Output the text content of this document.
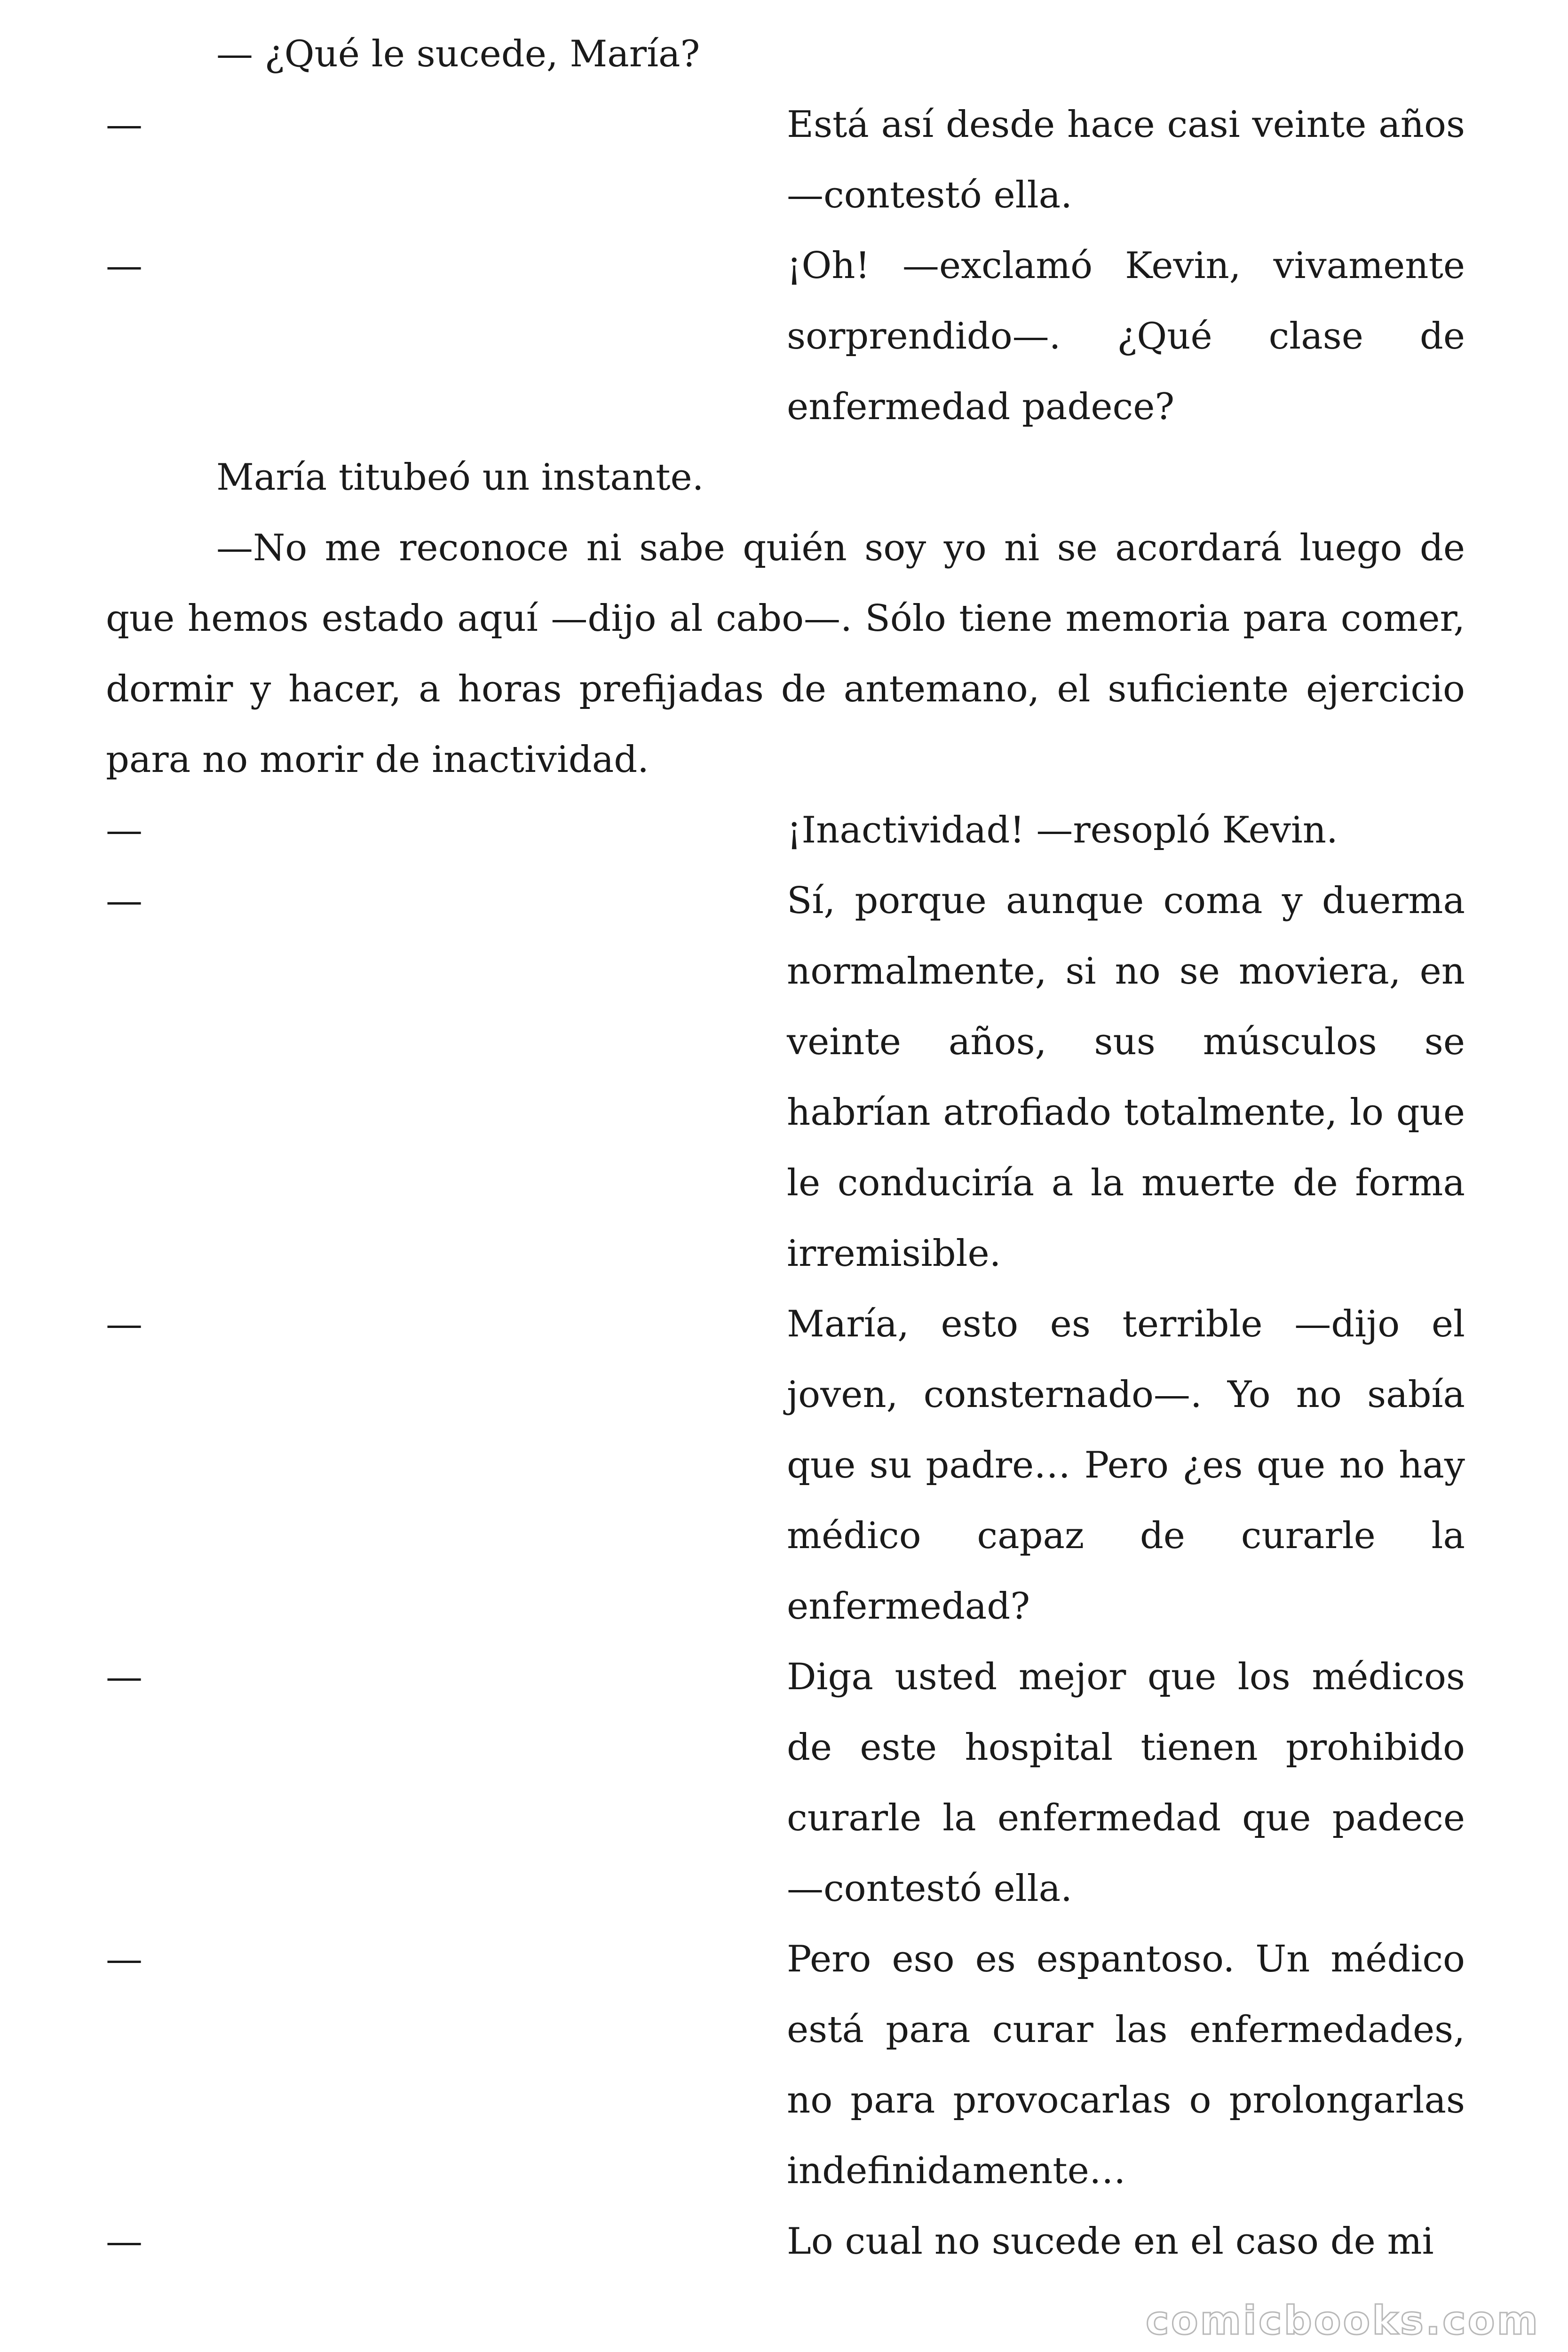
— ¿Qué le sucede, María?

—	Está así desde hace casi veinte años —contestó ella.
—	¡Oh! —exclamó Kevin, vivamente sorprendido—. ¿Qué clase de enfermedad padece?

María titubeó un instante.

—No me reconoce ni sabe quién soy yo ni se acordará luego de que hemos estado aquí —dijo al cabo—. Sólo tiene memoria para comer, dormir y hacer, a horas prefijadas de antemano, el suficiente ejercicio para no morir de inactividad.

—	¡Inactividad! —resopló Kevin.
—	Sí, porque aunque coma y duerma normalmente, si no se moviera, en veinte años, sus músculos se habrían atrofiado totalmente, lo que le conduciría a la muerte de forma irremisible.
—	María, esto es terrible —dijo el joven, consternado—. Yo no sabía que su padre… Pero ¿es que no hay médico capaz de curarle la enfermedad?
—	Diga usted mejor que los médicos de este hospital tienen prohibido curarle la enfermedad que padece —contestó ella.
—	Pero eso es espantoso. Un médico está para curar las enfermedades, no para provocarlas o prolongarlas indefinidamente…
—	Lo cual no sucede en el caso de mi
comicbooks.com
